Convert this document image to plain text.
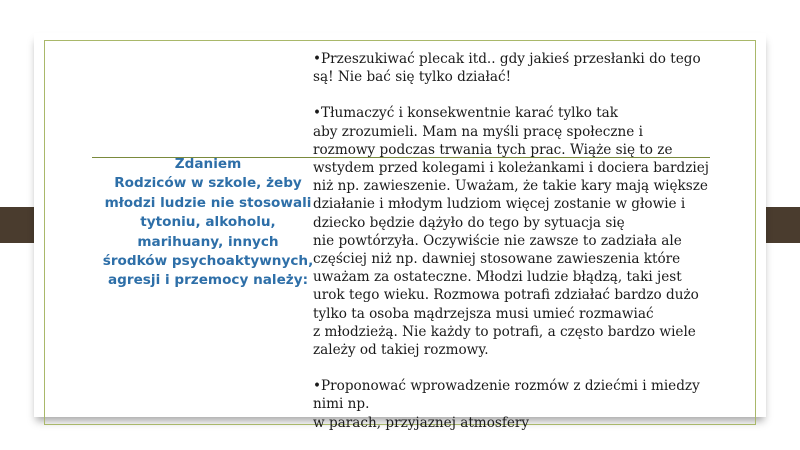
Zdaniem
Rodziców w szkole, żeby
młodzi ludzie nie stosowali
tytoniu, alkoholu,
marihuany, innych
środków psychoaktywnych,
agresji i przemocy należy:
•Przeszukiwać plecak itd.. gdy jakieś przesłanki do tego
są! Nie bać się tylko działać!
•Tłumaczyć i konsekwentnie karać tylko tak
aby zrozumieli. Mam na myśli pracę społeczne i
rozmowy podczas trwania tych prac. Wiąże się to ze
wstydem przed kolegami i koleżankami i dociera bardziej
niż np. zawieszenie. Uważam, że takie kary mają większe
działanie i młodym ludziom więcej zostanie w głowie i
dziecko będzie dążyło do tego by sytuacja się
nie powtórzyła. Oczywiście nie zawsze to zadziała ale
częściej niż np. dawniej stosowane zawieszenia które
uważam za ostateczne. Młodzi ludzie błądzą, taki jest
urok tego wieku. Rozmowa potrafi zdziałać bardzo dużo
tylko ta osoba mądrzejsza musi umieć rozmawiać
z młodzieżą. Nie każdy to potrafi, a często bardzo wiele
zależy od takiej rozmowy.
•Proponować wprowadzenie rozmów z dziećmi i miedzy
nimi np.
w parach, przyjaznej atmosfery
